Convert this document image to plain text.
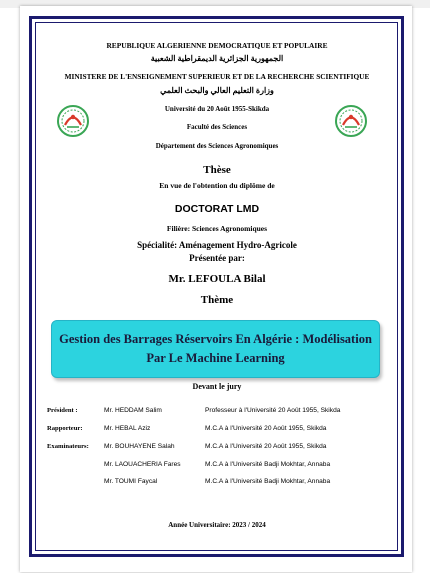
REPUBLIQUE ALGERIENNE DEMOCRATIQUE ET POPULAIRE
الجمهورية الجزائرية الديمقراطية الشعبية
MINISTERE DE L'ENSEIGNEMENT SUPERIEUR ET DE LA RECHERCHE SCIENTIFIQUE
وزارة التعليم العالي والبحث العلمي
Université du 20 Août 1955-Skikda
Faculté des Sciences
Département des Sciences Agronomiques
Thèse
En vue de l'obtention du diplôme de
DOCTORAT LMD
Filière: Sciences Agronomiques
Spécialité: Aménagement Hydro-Agricole
Présentée par:
Mr. LEFOULA Bilal
Thème
Gestion des Barrages Réservoirs En Algérie : Modélisation
Par Le Machine Learning
Devant le jury
Président :	Mr. HEDDAM Salim	Professeur à l'Université 20 Août 1955, Skikda
Rapporteur:	Mr. HEBAL Aziz	M.C.A à l'Université 20 Août 1955, Skikda
Examinateurs: Mr. BOUHAYENE Salah	M.C.A à l'Université 20 Août 1955, Skikda
Mr. LAOUACHERIA Fares	M.C.A à l'Université Badji Mokhtar, Annaba
Mr. TOUMI Faycal	M.C.A à l'Université Badji Mokhtar, Annaba
Année Universitaire: 2023 / 2024
